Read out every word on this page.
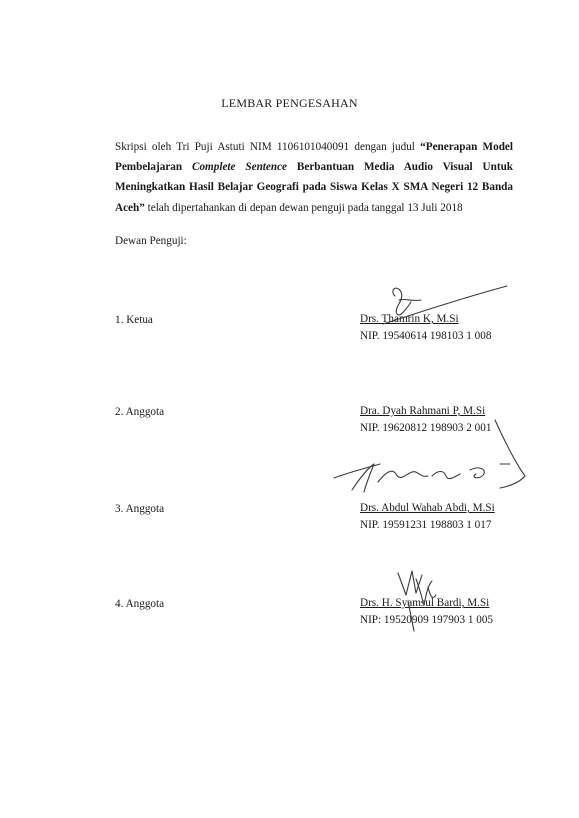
LEMBAR PENGESAHAN
Skripsi oleh Tri Puji Astuti NIM 1106101040091 dengan judul “Penerapan Model Pembelajaran Complete Sentence Berbantuan Media Audio Visual Untuk Meningkatkan Hasil Belajar Geografi pada Siswa Kelas X SMA Negeri 12 Banda Aceh” telah dipertahankan di depan dewan penguji pada tanggal 13 Juli 2018
Dewan Penguji:
1. Ketua	Drs. Thamrin K, M.Si
NIP. 19540614 198103 1 008
2. Anggota	Dra. Dyah Rahmani P, M.Si
NIP. 19620812 198903 2 001
3. Anggota	Drs. Abdul Wahab Abdi, M.Si
NIP. 19591231 198803 1 017
4. Anggota	Drs. H. Syamsul Bardi, M.Si
NIP: 19520909 197903 1 005
